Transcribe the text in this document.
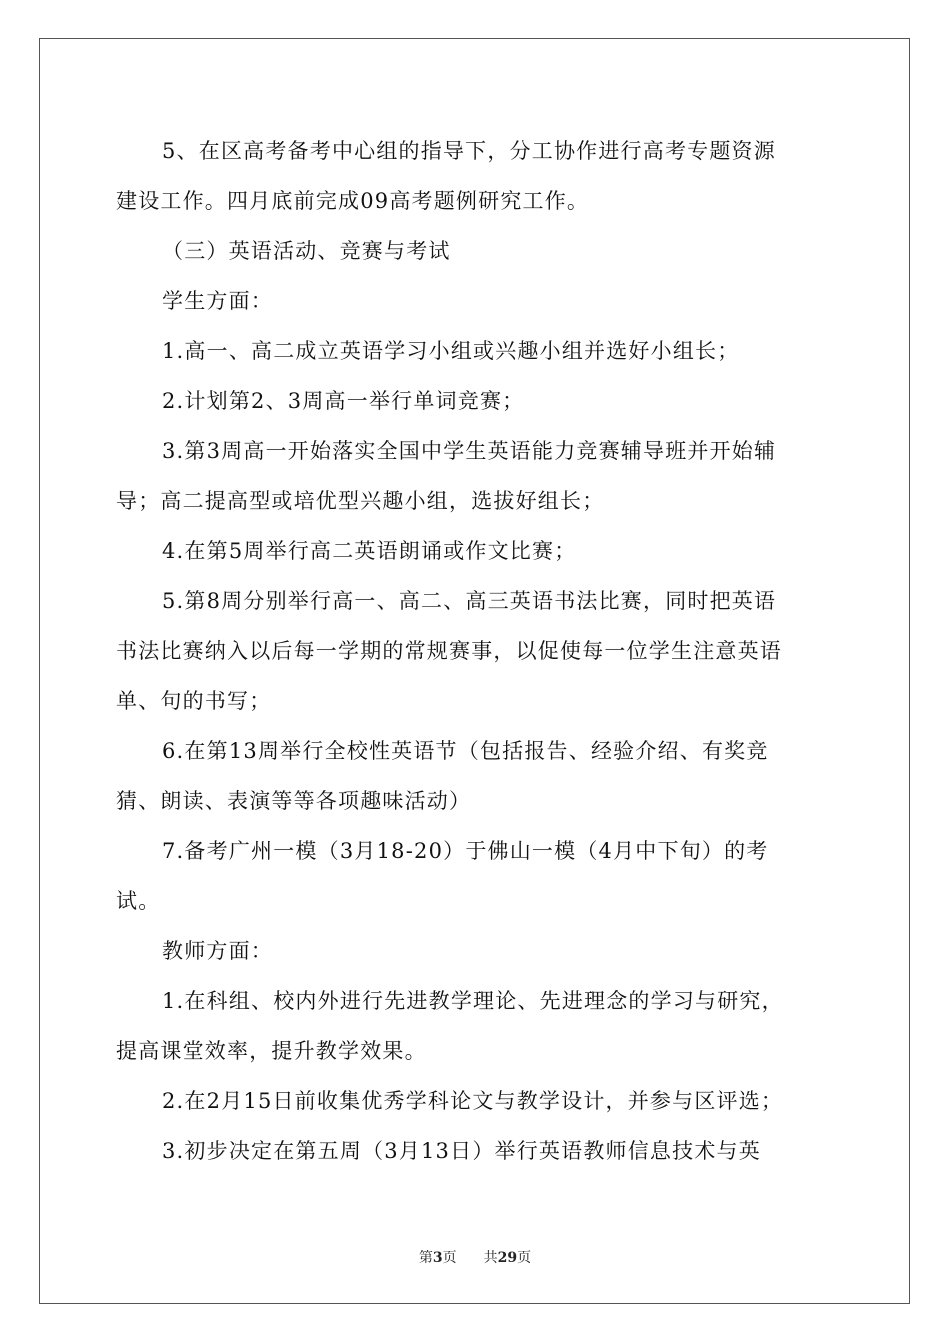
5、在区高考备考中心组的指导下，分工协作进行高考专题资源
建设工作。四月底前完成09高考题例研究工作。
（三）英语活动、竞赛与考试
学生方面：
1.高一、高二成立英语学习小组或兴趣小组并选好小组长；
2.计划第2、3周高一举行单词竞赛；
3.第3周高一开始落实全国中学生英语能力竞赛辅导班并开始辅
导；高二提高型或培优型兴趣小组，选拔好组长；
4.在第5周举行高二英语朗诵或作文比赛；
5.第8周分别举行高一、高二、高三英语书法比赛，同时把英语
书法比赛纳入以后每一学期的常规赛事，以促使每一位学生注意英语
单、句的书写；
6.在第13周举行全校性英语节（包括报告、经验介绍、有奖竞
猜、朗读、表演等等各项趣味活动）
7.备考广州一模（3月18-20）于佛山一模（4月中下旬）的考
试。
教师方面：
1.在科组、校内外进行先进教学理论、先进理念的学习与研究，
提高课堂效率，提升教学效果。
2.在2月15日前收集优秀学科论文与教学设计，并参与区评选；
3.初步决定在第五周（3月13日）举行英语教师信息技术与英
第3页 共29页
